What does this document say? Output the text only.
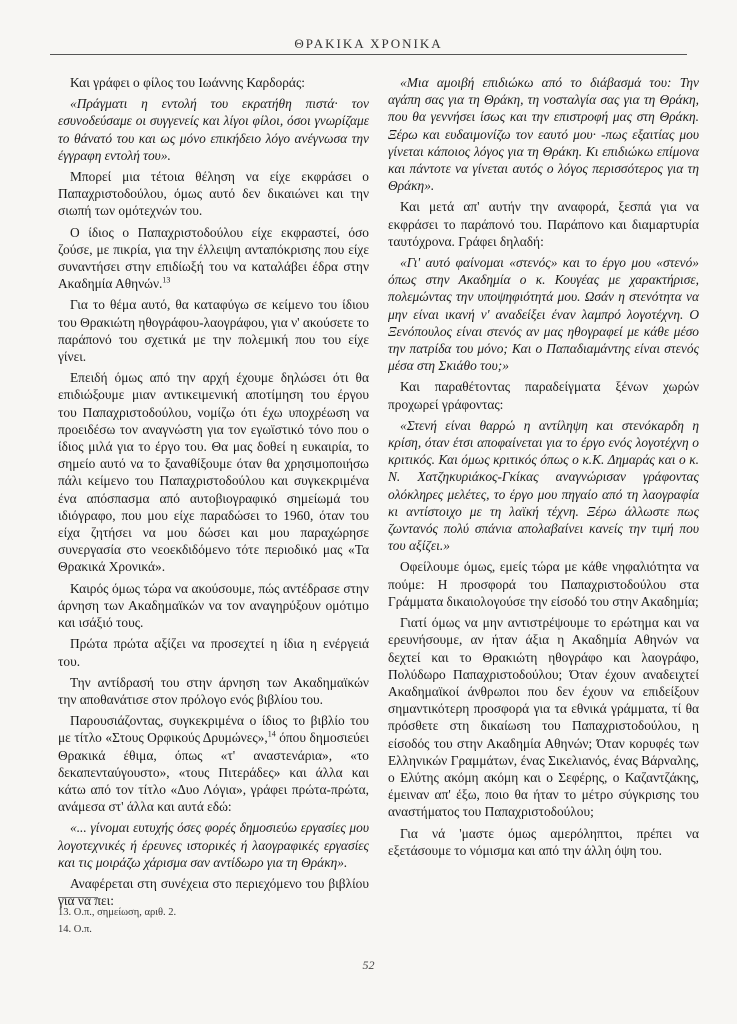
ΘΡΑΚΙΚΑ ΧΡΟΝΙΚΑ

Και γράφει ο φίλος του Ιωάννης Καρδοράς:

«Πράγματι η εντολή του εκρατήθη πιστά· τον εσυνοδεύσαμε οι συγγενείς και λίγοι φίλοι, όσοι γνωρίζαμε το θάνατό του και ως μόνο επικήδειο λόγο ανέγνωσα την έγγραφη εντολή του».

Μπορεί μια τέτοια θέληση να είχε εκφράσει ο Παπαχριστοδούλου, όμως αυτό δεν δικαιώνει και την σιωπή των ομότεχνών του.

Ο ίδιος ο Παπαχριστοδούλου είχε εκφραστεί, όσο ζούσε, με πικρία, για την έλλειψη ανταπόκρισης που είχε συναντήσει στην επιδίωξή του να καταλάβει έδρα στην Ακαδημία Αθηνών.$^{13}$

Για το θέμα αυτό, θα καταφύγω σε κείμενο του ίδιου του Θρακιώτη ηθογράφου-λαογράφου, για ν' ακούσετε το παράπονό του σχετικά με την πολεμική που του είχε γίνει.

Επειδή όμως από την αρχή έχουμε δηλώσει ότι θα επιδιώξουμε μιαν αντικειμενική αποτίμηση του έργου του Παπαχριστοδούλου, νομίζω ότι έχω υποχρέωση να προειδέσω τον αναγνώστη για τον εγωϊστικό τόνο που ο ίδιος μιλά για το έργο του. Θα μας δοθεί η ευκαιρία, το σημείο αυτό να το ξαναθίξουμε όταν θα χρησιμοποιήσω πάλι κείμενο του Παπαχριστοδούλου και συγκεκριμένα ένα απόσπασμα από αυτοβιογραφικό σημείωμά του ιδιόγραφο, που μου είχε παραδώσει το 1960, όταν του είχα ζητήσει να μου δώσει και μου παραχώρησε συνεργασία στο νεοεκδιδόμενο τότε περιοδικό μας «Τα Θρακικά Χρονικά».

Καιρός όμως τώρα να ακούσουμε, πώς αντέδρασε στην άρνηση των Ακαδημαϊκών να τον αναγηρύξουν ομότιμο και ισάξιό τους.

Πρώτα πρώτα αξίζει να προσεχτεί η ίδια η ενέργειά του.

Την αντίδρασή του στην άρνηση των Ακαδημαϊκών την αποθανάτισε στον πρόλογο ενός βιβλίου του.

Παρουσιάζοντας, συγκεκριμένα ο ίδιος το βιβλίο του με τίτλο «Στους Ορφικούς Δρυμώνες»,$^{14}$ όπου δημοσιεύει Θρακικά έθιμα, όπως «τ' αναστενάρια», «το δεκαπενταύγουστο», «τους Πιτεράδες» και άλλα και κάτω από τον τίτλο «Δυο Λόγια», γράφει πρώτα-πρώτα, ανάμεσα στ' άλλα και αυτά εδώ:

«... γίνομαι ευτυχής όσες φορές δημοσιεύω εργασίες μου λογοτεχνικές ή έρευνες ιστορικές ή λαογραφικές εργασίες και τις μοιράζω χάρισμα σαν αντίδωρο για τη Θράκη».

Αναφέρεται στη συνέχεια στο περιεχόμενο του βιβλίου για να πει:

«Μια αμοιβή επιδιώκω από το διάβασμά του: Την αγάπη σας για τη Θράκη, τη νοσταλγία σας για τη Θράκη, που θα γεννήσει ίσως και την επιστροφή μας στη Θράκη. Ξέρω και ευδαιμονίζω τον εαυτό μου· -πως εξαιτίας μου γίνεται κάποιος λόγος για τη Θράκη. Κι επιδιώκω επίμονα και πάντοτε να γίνεται αυτός ο λόγος περισσότερος για τη Θράκη».

Και μετά απ' αυτήν την αναφορά, ξεσπά για να εκφράσει το παράπονό του. Παράπονο και διαμαρτυρία ταυτόχρονα. Γράφει δηλαδή:

«Γι' αυτό φαίνομαι «στενός» και το έργο μου «στενό» όπως στην Ακαδημία ο κ. Κουγέας με χαρακτήρισε, πολεμώντας την υποψηφιότητά μου. Ωσάν η στενότητα να μην είναι ικανή ν' αναδείξει έναν λαμπρό λογοτέχνη. Ο Ξενόπουλος είναι στενός αν μας ηθογραφεί με κάθε μέσο την πατρίδα του μόνο; Και ο Παπαδιαμάντης είναι στενός μέσα στη Σκιάθο του;»

Και παραθέτοντας παραδείγματα ξένων χωρών προχωρεί γράφοντας:

«Στενή είναι θαρρώ η αντίληψη και στενόκαρδη η κρίση, όταν έτσι αποφαίνεται για το έργο ενός λογοτέχνη ο κριτικός. Και όμως κριτικός όπως ο κ.Κ. Δημαράς και ο κ. Ν. Χατζηκυριάκος-Γκίκας αναγνώρισαν γράφοντας ολόκληρες μελέτες, το έργο μου πηγαίο από τη λαογραφία κι αντίστοιχο με τη λαϊκή τέχνη. Ξέρω άλλωστε πως ζωντανός πολύ σπάνια απολαβαίνει κανείς την τιμή που του αξίζει.»

Οφείλουμε όμως, εμείς τώρα με κάθε νηφαλιότητα να πούμε: Η προσφορά του Παπαχριστοδούλου στα Γράμματα δικαιολογούσε την είσοδό του στην Ακαδημία;

Γιατί όμως να μην αντιστρέψουμε το ερώτημα και να ερευνήσουμε, αν ήταν άξια η Ακαδημία Αθηνών να δεχτεί και το Θρακιώτη ηθογράφο και λαογράφο, Πολύδωρο Παπαχριστοδούλου; Όταν έχουν αναδειχτεί Ακαδημαϊκοί άνθρωποι που δεν έχουν να επιδείξουν σημαντικότερη προσφορά για τα εθνικά γράμματα, τί θα πρόσθετε στη δικαίωση του Παπαχριστοδούλου, η είσοδός του στην Ακαδημία Αθηνών; Όταν κορυφές των Ελληνικών Γραμμάτων, ένας Σικελιανός, ένας Βάρναλης, ο Ελύτης ακόμη ακόμη και ο Σεφέρης, ο Καζαντζάκης, έμειναν απ' έξω, ποιο θα ήταν το μέτρο σύγκρισης του αναστήματος του Παπαχριστοδούλου;

Για νά 'μαστε όμως αμερόληπτοι, πρέπει να εξετάσουμε το νόμισμα και από την άλλη όψη του.

13. Ο.π., σημείωση, αριθ. 2.
14. Ο.π.
52
